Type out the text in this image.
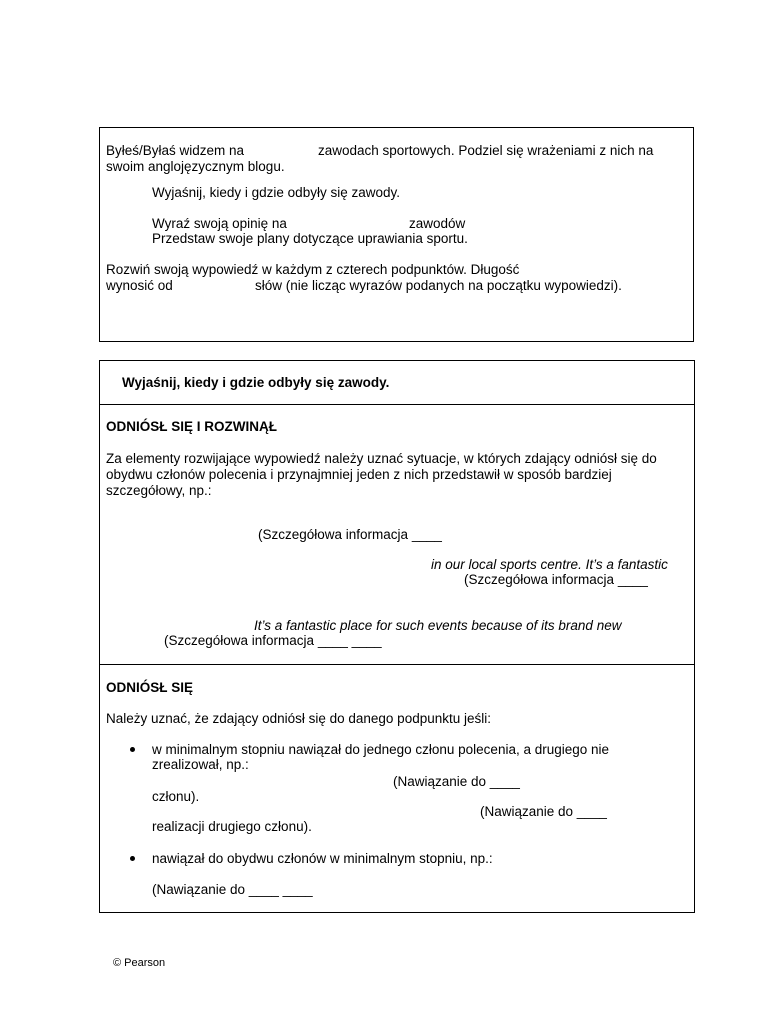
Byłeś/Byłaś widzem na	zawodach sportowych. Podziel się wrażeniami z nich na
swoim anglojęzycznym blogu.
Wyjaśnij, kiedy i gdzie odbyły się zawody.
Wyraź swoją opinię na	zawodów
Przedstaw swoje plany dotyczące uprawiania sportu.
Rozwiń swoją wypowiedź w każdym z czterech podpunktów. Długość
wynosić od	słów (nie licząc wyrazów podanych na początku wypowiedzi).
Wyjaśnij, kiedy i gdzie odbyły się zawody.
ODNIÓSŁ SIĘ I ROZWINĄŁ
Za elementy rozwijające wypowiedź należy uznać sytuacje, w których zdający odniósł się do
obydwu członów polecenia i przynajmniej jeden z nich przedstawił w sposób bardziej
szczegółowy, np.:
(Szczegółowa informacja ____
in our local sports centre. It’s a fantastic
(Szczegółowa informacja ____
It’s a fantastic place for such events because of its brand new
(Szczegółowa informacja ____ ____
ODNIÓSŁ SIĘ
Należy uznać, że zdający odniósł się do danego podpunktu jeśli:
w minimalnym stopniu nawiązał do jednego członu polecenia, a drugiego nie
zrealizował, np.:
(Nawiązanie do ____
członu).
(Nawiązanie do ____
realizacji drugiego członu).
nawiązał do obydwu członów w minimalnym stopniu, np.:
(Nawiązanie do ____ ____
© Pearson
